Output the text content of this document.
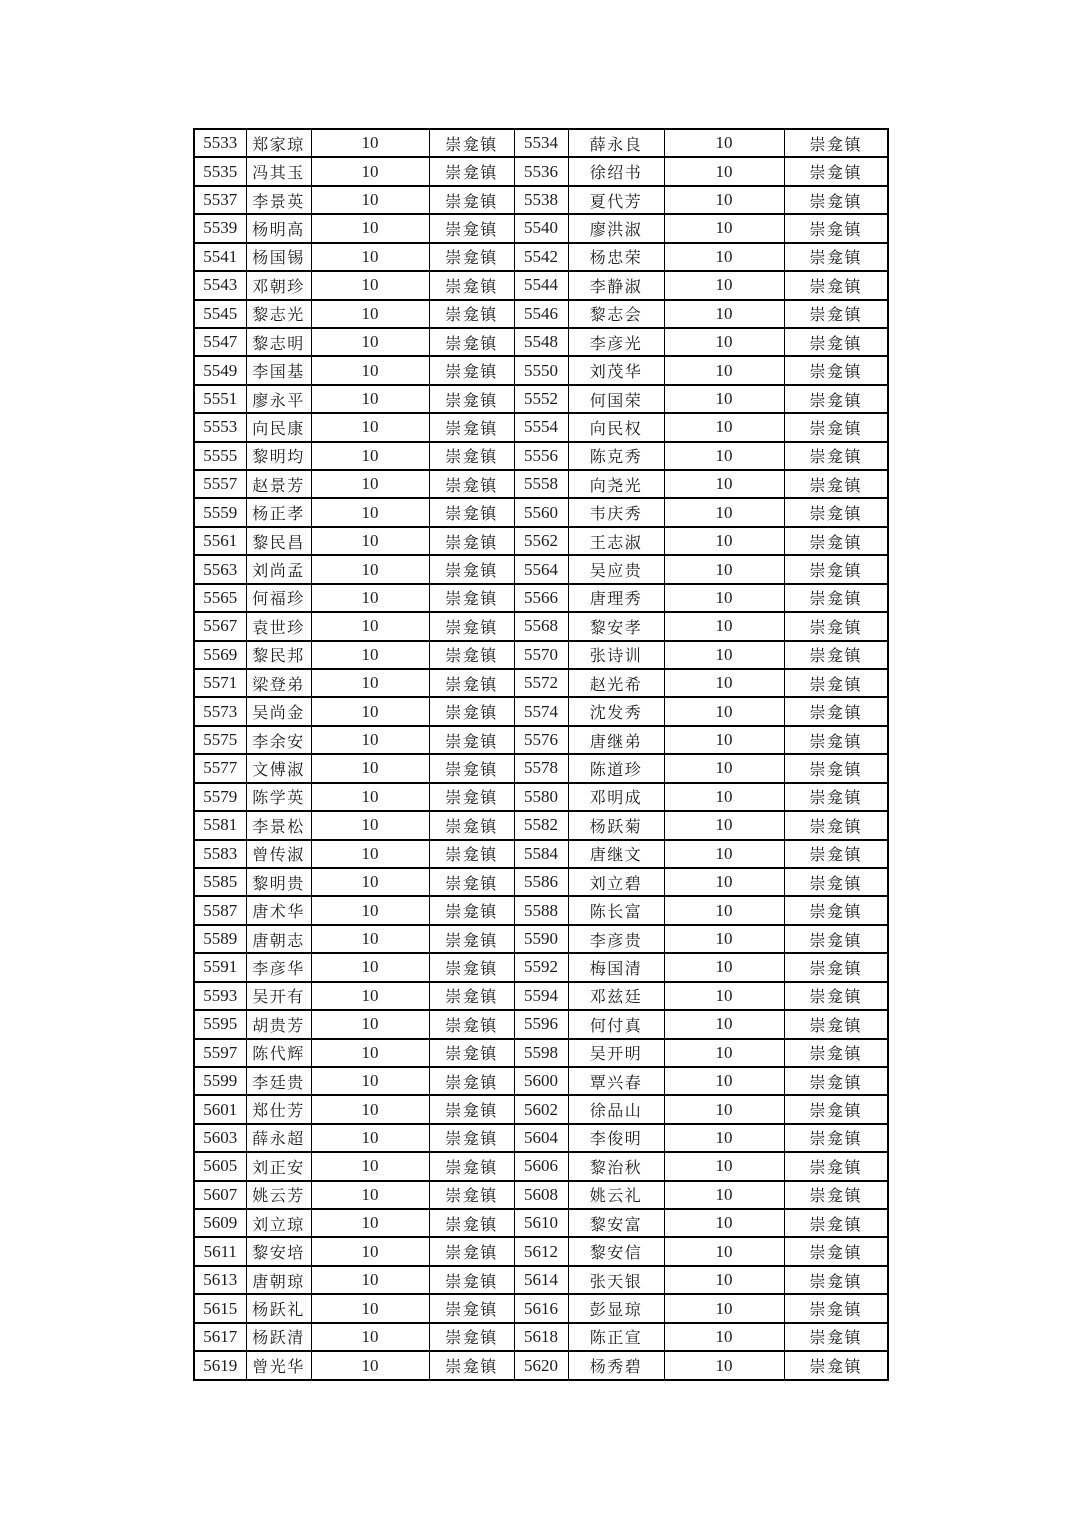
5533	郑家琼	10	崇龛镇	5534	薛永良	10	崇龛镇
5535	冯其玉	10	崇龛镇	5536	徐绍书	10	崇龛镇
5537	李景英	10	崇龛镇	5538	夏代芳	10	崇龛镇
5539	杨明高	10	崇龛镇	5540	廖洪淑	10	崇龛镇
5541	杨国锡	10	崇龛镇	5542	杨忠荣	10	崇龛镇
5543	邓朝珍	10	崇龛镇	5544	李静淑	10	崇龛镇
5545	黎志光	10	崇龛镇	5546	黎志会	10	崇龛镇
5547	黎志明	10	崇龛镇	5548	李彦光	10	崇龛镇
5549	李国基	10	崇龛镇	5550	刘茂华	10	崇龛镇
5551	廖永平	10	崇龛镇	5552	何国荣	10	崇龛镇
5553	向民康	10	崇龛镇	5554	向民权	10	崇龛镇
5555	黎明均	10	崇龛镇	5556	陈克秀	10	崇龛镇
5557	赵景芳	10	崇龛镇	5558	向尧光	10	崇龛镇
5559	杨正孝	10	崇龛镇	5560	韦庆秀	10	崇龛镇
5561	黎民昌	10	崇龛镇	5562	王志淑	10	崇龛镇
5563	刘尚孟	10	崇龛镇	5564	吴应贵	10	崇龛镇
5565	何福珍	10	崇龛镇	5566	唐理秀	10	崇龛镇
5567	袁世珍	10	崇龛镇	5568	黎安孝	10	崇龛镇
5569	黎民邦	10	崇龛镇	5570	张诗训	10	崇龛镇
5571	梁登弟	10	崇龛镇	5572	赵光希	10	崇龛镇
5573	吴尚金	10	崇龛镇	5574	沈发秀	10	崇龛镇
5575	李余安	10	崇龛镇	5576	唐继弟	10	崇龛镇
5577	文傅淑	10	崇龛镇	5578	陈道珍	10	崇龛镇
5579	陈学英	10	崇龛镇	5580	邓明成	10	崇龛镇
5581	李景松	10	崇龛镇	5582	杨跃菊	10	崇龛镇
5583	曾传淑	10	崇龛镇	5584	唐继文	10	崇龛镇
5585	黎明贵	10	崇龛镇	5586	刘立碧	10	崇龛镇
5587	唐术华	10	崇龛镇	5588	陈长富	10	崇龛镇
5589	唐朝志	10	崇龛镇	5590	李彦贵	10	崇龛镇
5591	李彦华	10	崇龛镇	5592	梅国清	10	崇龛镇
5593	吴开有	10	崇龛镇	5594	邓兹廷	10	崇龛镇
5595	胡贵芳	10	崇龛镇	5596	何付真	10	崇龛镇
5597	陈代辉	10	崇龛镇	5598	吴开明	10	崇龛镇
5599	李廷贵	10	崇龛镇	5600	覃兴春	10	崇龛镇
5601	郑仕芳	10	崇龛镇	5602	徐品山	10	崇龛镇
5603	薛永超	10	崇龛镇	5604	李俊明	10	崇龛镇
5605	刘正安	10	崇龛镇	5606	黎治秋	10	崇龛镇
5607	姚云芳	10	崇龛镇	5608	姚云礼	10	崇龛镇
5609	刘立琼	10	崇龛镇	5610	黎安富	10	崇龛镇
5611	黎安培	10	崇龛镇	5612	黎安信	10	崇龛镇
5613	唐朝琼	10	崇龛镇	5614	张天银	10	崇龛镇
5615	杨跃礼	10	崇龛镇	5616	彭显琼	10	崇龛镇
5617	杨跃清	10	崇龛镇	5618	陈正宣	10	崇龛镇
5619	曾光华	10	崇龛镇	5620	杨秀碧	10	崇龛镇
